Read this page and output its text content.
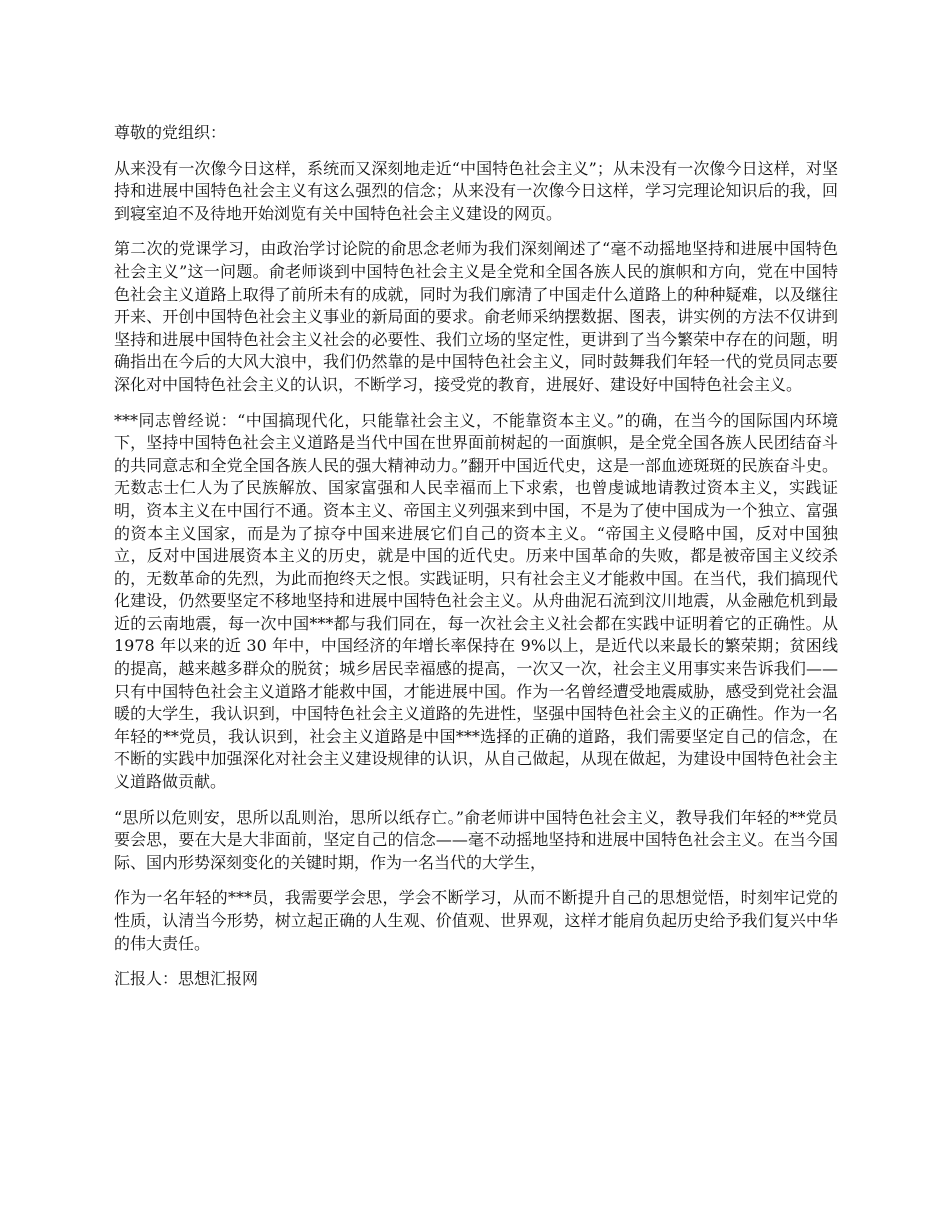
尊敬的党组织：

从来没有一次像今日这样，系统而又深刻地走近“中国特色社会主义”；从未没有一次像今日这样，对坚持和进展中国特色社会主义有这么强烈的信念；从来没有一次像今日这样，学习完理论知识后的我，回到寝室迫不及待地开始浏览有关中国特色社会主义建设的网页。

第二次的党课学习，由政治学讨论院的俞思念老师为我们深刻阐述了“毫不动摇地坚持和进展中国特色社会主义”这一问题。俞老师谈到中国特色社会主义是全党和全国各族人民的旗帜和方向，党在中国特色社会主义道路上取得了前所未有的成就，同时为我们廓清了中国走什么道路上的种种疑难，以及继往开来、开创中国特色社会主义事业的新局面的要求。俞老师采纳摆数据、图表，讲实例的方法不仅讲到坚持和进展中国特色社会主义社会的必要性、我们立场的坚定性，更讲到了当今繁荣中存在的问题，明确指出在今后的大风大浪中，我们仍然靠的是中国特色社会主义，同时鼓舞我们年轻一代的党员同志要深化对中国特色社会主义的认识，不断学习，接受党的教育，进展好、建设好中国特色社会主义。

***同志曾经说：“中国搞现代化，只能靠社会主义，不能靠资本主义。”的确，在当今的国际国内环境下，坚持中国特色社会主义道路是当代中国在世界面前树起的一面旗帜，是全党全国各族人民团结奋斗的共同意志和全党全国各族人民的强大精神动力。”翻开中国近代史，这是一部血迹斑斑的民族奋斗史。无数志士仁人为了民族解放、国家富强和人民幸福而上下求索，也曾虔诚地请教过资本主义，实践证明，资本主义在中国行不通。资本主义、帝国主义列强来到中国，不是为了使中国成为一个独立、富强的资本主义国家，而是为了掠夺中国来进展它们自己的资本主义。“帝国主义侵略中国，反对中国独立，反对中国进展资本主义的历史，就是中国的近代史。历来中国革命的失败，都是被帝国主义绞杀的，无数革命的先烈，为此而抱终天之恨。实践证明，只有社会主义才能救中国。在当代，我们搞现代化建设，仍然要坚定不移地坚持和进展中国特色社会主义。从舟曲泥石流到汶川地震，从金融危机到最近的云南地震，每一次中国***都与我们同在，每一次社会主义社会都在实践中证明着它的正确性。从 1978 年以来的近 30 年中，中国经济的年增长率保持在 9%以上，是近代以来最长的繁荣期；贫困线的提高，越来越多群众的脱贫；城乡居民幸福感的提高，一次又一次，社会主义用事实来告诉我们——只有中国特色社会主义道路才能救中国，才能进展中国。作为一名曾经遭受地震威胁，感受到党社会温暖的大学生，我认识到，中国特色社会主义道路的先进性，坚强中国特色社会主义的正确性。作为一名年轻的**党员，我认识到，社会主义道路是中国***选择的正确的道路，我们需要坚定自己的信念，在不断的实践中加强深化对社会主义建设规律的认识，从自己做起，从现在做起，为建设中国特色社会主义道路做贡献。

“思所以危则安，思所以乱则治，思所以纸存亡。”俞老师讲中国特色社会主义，教导我们年轻的**党员要会思，要在大是大非面前，坚定自己的信念——毫不动摇地坚持和进展中国特色社会主义。在当今国际、国内形势深刻变化的关键时期，作为一名当代的大学生，

作为一名年轻的***员，我需要学会思，学会不断学习，从而不断提升自己的思想觉悟，时刻牢记党的性质，认清当今形势，树立起正确的人生观、价值观、世界观，这样才能肩负起历史给予我们复兴中华的伟大责任。

汇报人：思想汇报网
